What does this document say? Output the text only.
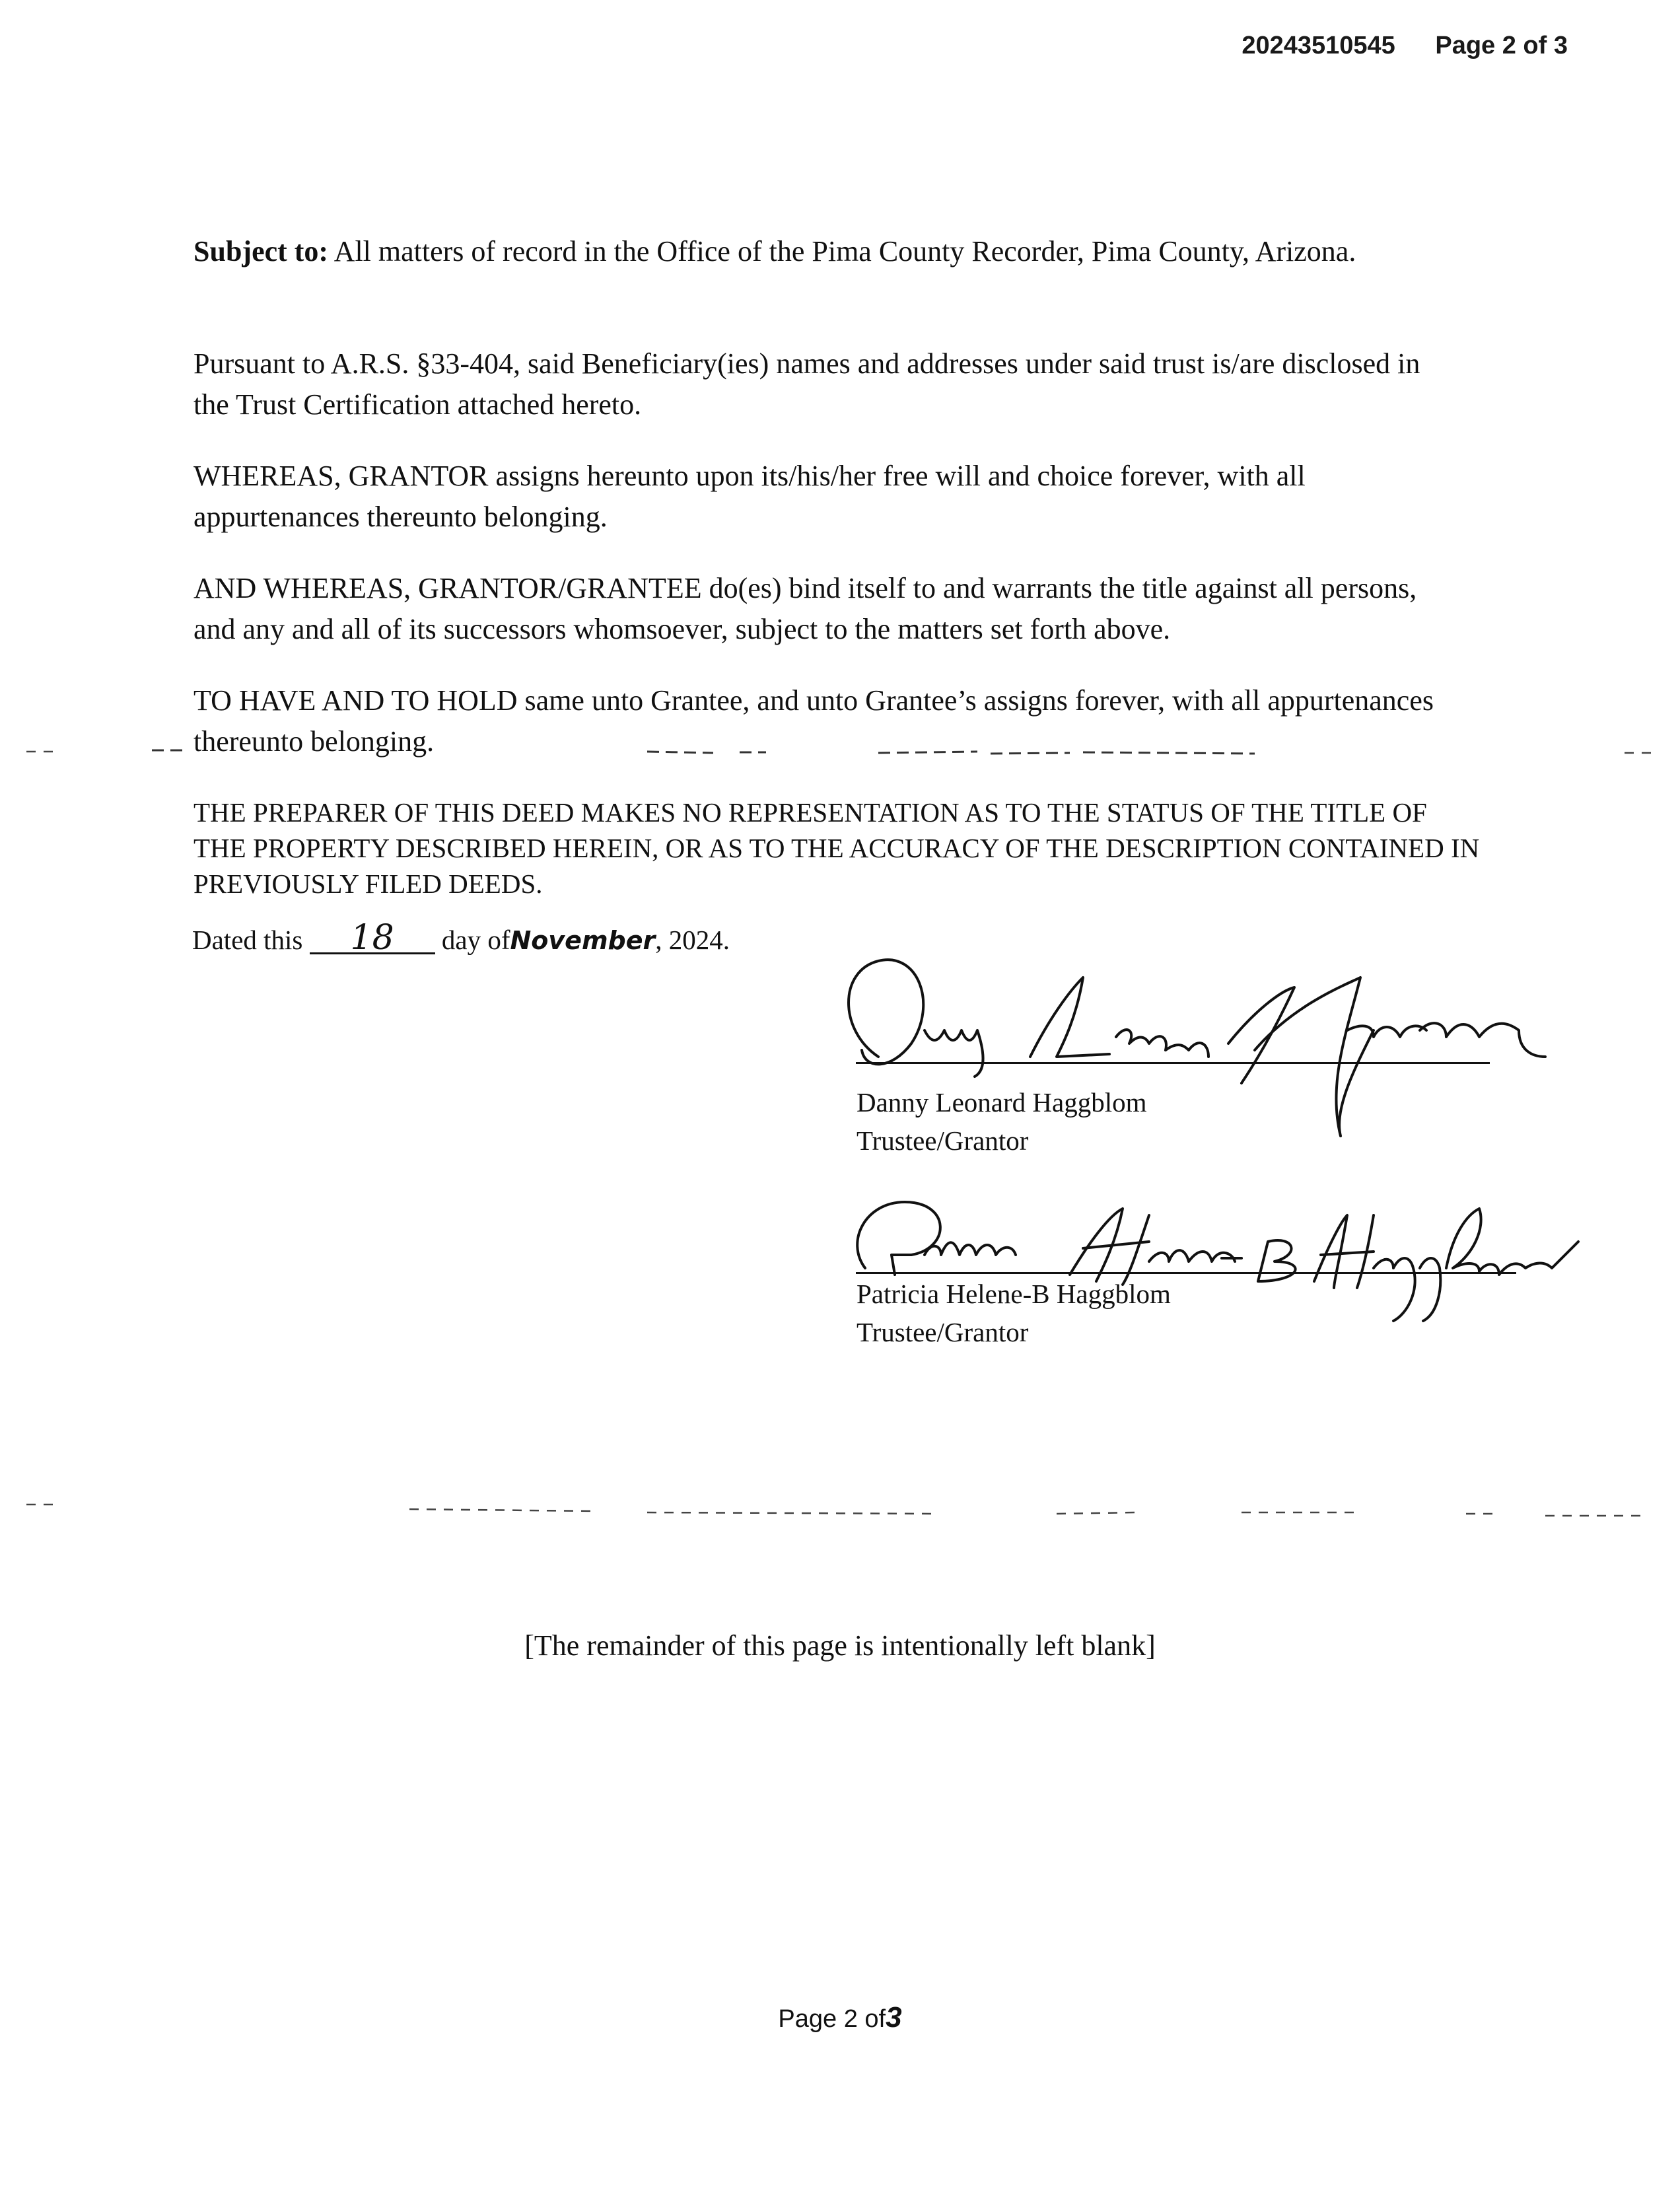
20243510545 Page 2 of 3

Subject to: All matters of record in the Office of the Pima County Recorder, Pima County, Arizona.

Pursuant to A.R.S. §33-404, said Beneficiary(ies) names and addresses under said trust is/are disclosed in the Trust Certification attached hereto.

WHEREAS, GRANTOR assigns hereunto upon its/his/her free will and choice forever, with all appurtenances thereunto belonging.

AND WHEREAS, GRANTOR/GRANTEE do(es) bind itself to and warrants the title against all persons, and any and all of its successors whomsoever, subject to the matters set forth above.

TO HAVE AND TO HOLD same unto Grantee, and unto Grantee’s assigns forever, with all appurtenances thereunto belonging.

THE PREPARER OF THIS DEED MAKES NO REPRESENTATION AS TO THE STATUS OF THE TITLE OF THE PROPERTY DESCRIBED HEREIN, OR AS TO THE ACCURACY OF THE DESCRIPTION CONTAINED IN PREVIOUSLY FILED DEEDS.

Dated this 18 day ofNovember, 2024.
Danny Leonard Haggblom
Trustee/Grantor
Patricia Helene-B Haggblom
Trustee/Grantor

[The remainder of this page is intentionally left blank]

Page 2 of3
